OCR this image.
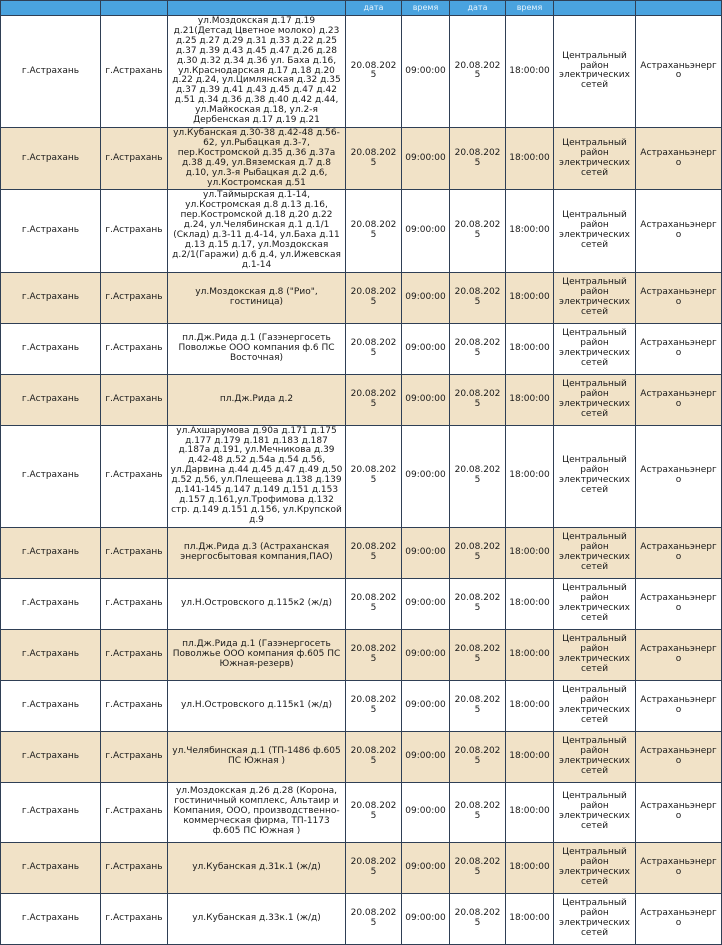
			дата	время	дата	время		
г.Астрахань	г.Астрахань	ул.Моздокская д.17 д.19 д.21(Детсад Цветное молоко) д.23 д.25 д.27 д.29 д.31 д.33 д.22 д.25 д.37 д.39 д.43 д.45 д.47 д.26 д.28 д.30 д.32 д.34 д.36 ул. Баха д.16, ул.Краснодарская д.17 д.18 д.20 д.22 д.24, ул.Цимлянская д.32 д.35 д.37 д.39 д.41 д.43 д.45 д.47 д.42 д.51 д.34 д.36 д.38 д.40 д.42 д.44, ул.Майкоская д.18, ул.2-я Дербенская д.17 д.19 д.21	20.08.2025	09:00:00	20.08.2025	18:00:00	Центральный район электрических сетей	Астраханьэнерго
г.Астрахань	г.Астрахань	ул.Кубанская д.30-38 д.42-48 д.56-62, ул.Рыбацкая д.3-7, пер.Костромской д.35 д.36 д.37а д.38 д.49, ул.Вяземская д.7 д.8 д.10, ул.3-я Рыбацкая д.2 д.6, ул.Костромская д.51	20.08.2025	09:00:00	20.08.2025	18:00:00	Центральный район электрических сетей	Астраханьэнерго
г.Астрахань	г.Астрахань	ул.Таймырская д.1-14, ул.Костромская д.8 д.13 д.16, пер.Костромской д.18 д.20 д.22 д.24, ул.Челябинская д.1 д.1/1 (Склад) д.3-11 д.4-14, ул.Баха д.11 д.13 д.15 д.17, ул.Моздокская д.2/1(Гаражи) д.6 д.4, ул.Ижевская д.1-14	20.08.2025	09:00:00	20.08.2025	18:00:00	Центральный район электрических сетей	Астраханьэнерго
г.Астрахань	г.Астрахань	ул.Моздокская д.8 ("Рио", гостиница)	20.08.2025	09:00:00	20.08.2025	18:00:00	Центральный район электрических сетей	Астраханьэнерго
г.Астрахань	г.Астрахань	пл.Дж.Рида д.1 (Газэнергосеть Поволжье ООО компания ф.6 ПС Восточная)	20.08.2025	09:00:00	20.08.2025	18:00:00	Центральный район электрических сетей	Астраханьэнерго
г.Астрахань	г.Астрахань	пл.Дж.Рида д.2	20.08.2025	09:00:00	20.08.2025	18:00:00	Центральный район электрических сетей	Астраханьэнерго
г.Астрахань	г.Астрахань	ул.Ахшарумова д.90а д.171 д.175 д.177 д.179 д.181 д.183 д.187 д.187а д.191, ул.Мечникова д.39 д.42-48 д.52 д.54а д.54 д.56, ул.Дарвина д.44 д.45 д.47 д.49 д.50 д.52 д.56, ул.Плещеева д.138 д.139 д.141-145 д.147 д.149 д.151 д.153 д.157 д.161,ул.Трофимова д.132 стр. д.149 д.151 д.156, ул.Крупской д.9	20.08.2025	09:00:00	20.08.2025	18:00:00	Центральный район электрических сетей	Астраханьэнерго
г.Астрахань	г.Астрахань	пл.Дж.Рида д.3 (Астраханская энергосбытовая компания,ПАО)	20.08.2025	09:00:00	20.08.2025	18:00:00	Центральный район электрических сетей	Астраханьэнерго
г.Астрахань	г.Астрахань	ул.Н.Островского д.115к2 (ж/д)	20.08.2025	09:00:00	20.08.2025	18:00:00	Центральный район электрических сетей	Астраханьэнерго
г.Астрахань	г.Астрахань	пл.Дж.Рида д.1 (Газэнергосеть Поволжье ООО компания ф.605 ПС Южная-резерв)	20.08.2025	09:00:00	20.08.2025	18:00:00	Центральный район электрических сетей	Астраханьэнерго
г.Астрахань	г.Астрахань	ул.Н.Островского д.115к1 (ж/д)	20.08.2025	09:00:00	20.08.2025	18:00:00	Центральный район электрических сетей	Астраханьэнерго
г.Астрахань	г.Астрахань	ул.Челябинская д.1 (ТП-1486 ф.605 ПС Южная )	20.08.2025	09:00:00	20.08.2025	18:00:00	Центральный район электрических сетей	Астраханьэнерго
г.Астрахань	г.Астрахань	ул.Моздокская д.26 д.28 (Корона, гостиничный комплекс, Альтаир и Компания, ООО, производственно-коммерческая фирма, ТП-1173 ф.605 ПС Южная )	20.08.2025	09:00:00	20.08.2025	18:00:00	Центральный район электрических сетей	Астраханьэнерго
г.Астрахань	г.Астрахань	ул.Кубанская д.31к.1 (ж/д)	20.08.2025	09:00:00	20.08.2025	18:00:00	Центральный район электрических сетей	Астраханьэнерго
г.Астрахань	г.Астрахань	ул.Кубанская д.33к.1 (ж/д)	20.08.2025	09:00:00	20.08.2025	18:00:00	Центральный район электрических сетей	Астраханьэнерго
